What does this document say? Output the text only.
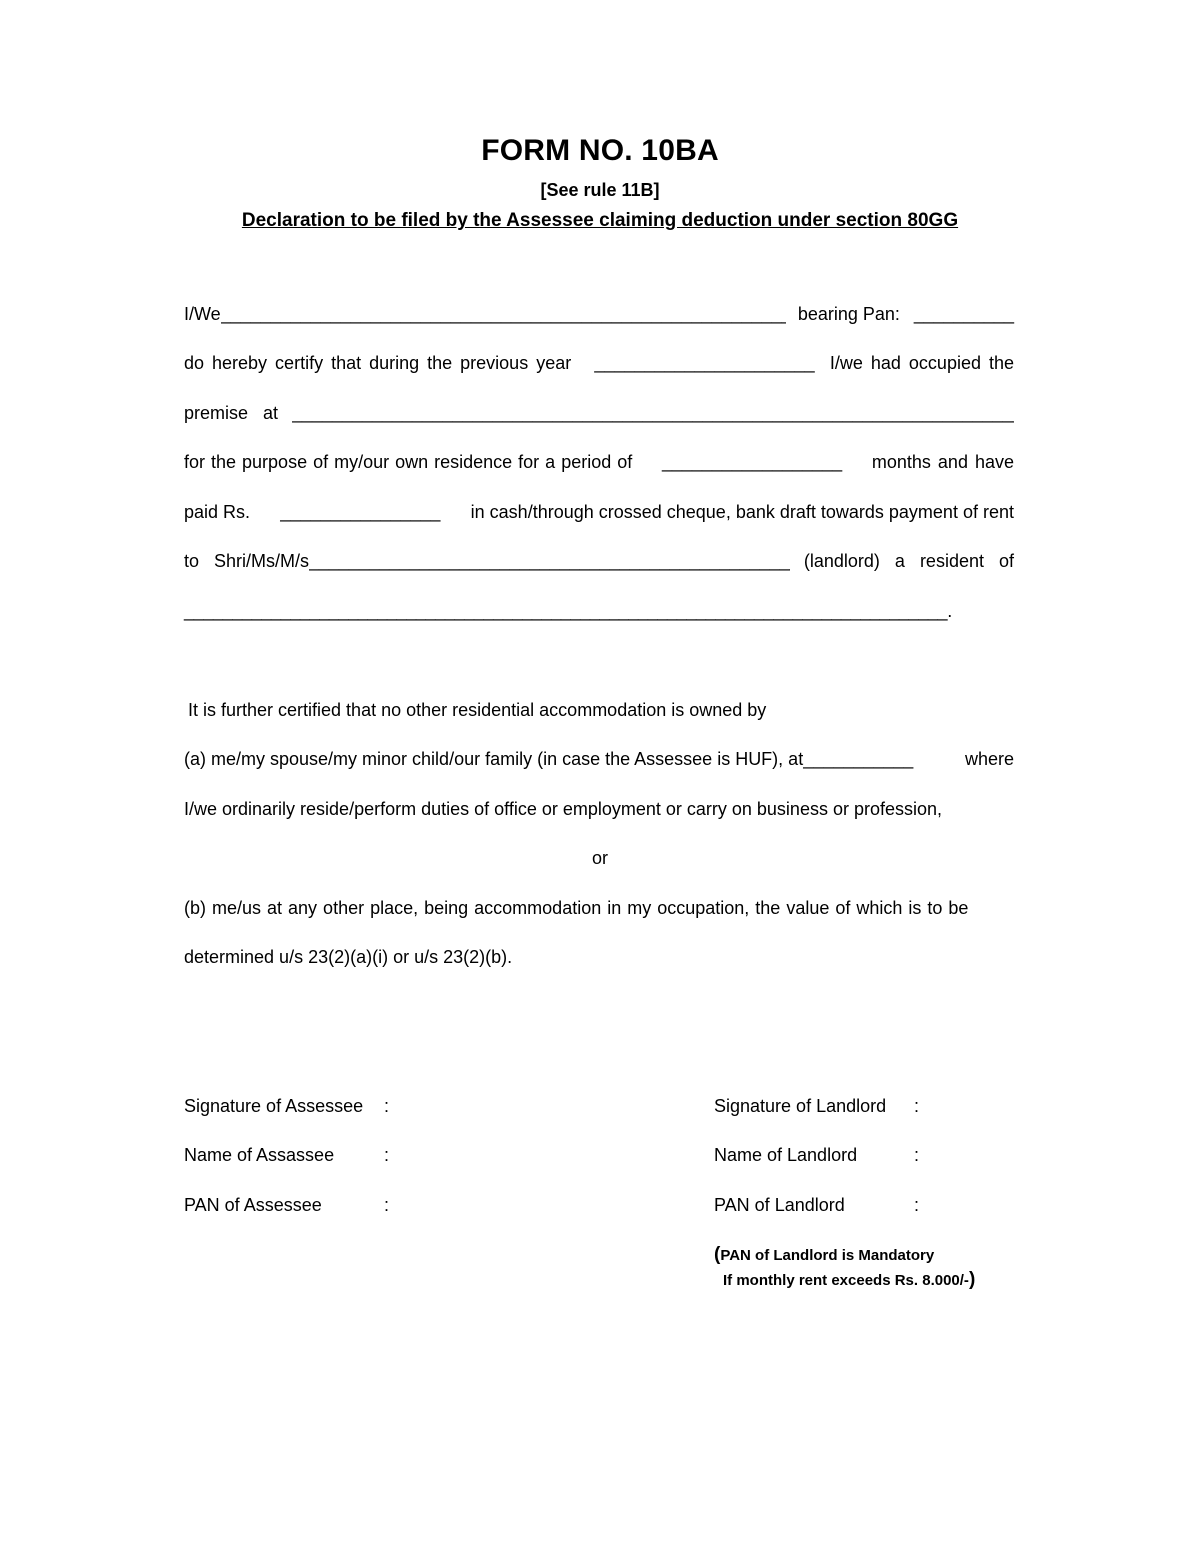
FORM NO. 10BA
[See rule 11B]
Declaration to be filed by the Assessee claiming deduction under section 80GG
I/We _____	bearing Pan: __________
do hereby certify that during the previous year ______________________ I/we had occupied the
premise   at
_____
for the purpose of my/our own residence for a period of __________________ months and have
paid Rs. ________________ in cash/through crossed cheque, bank draft towards payment of rent
to   Shri/Ms/M/s _____	(landlord)   a   resident   of
_______________________________________________________________________________.
It is further certified that no other residential accommodation is owned by
(a) me/my spouse/my minor child/our family (in case the Assessee is HUF), at ___________	where
I/we ordinarily reside/perform duties of office or employment or carry on business or profession,
or
(b) me/us at any other place, being accommodation in my occupation, the value of which is to be
determined u/s 23(2)(a)(i) or u/s 23(2)(b).
Signature of Assessee	:
Name of Assassee	:
PAN of Assessee	:
Signature of Landlord	:
Name of Landlord	:
PAN of Landlord	:
(PAN of Landlord is Mandatory
If monthly rent exceeds Rs. 8.000/-)
